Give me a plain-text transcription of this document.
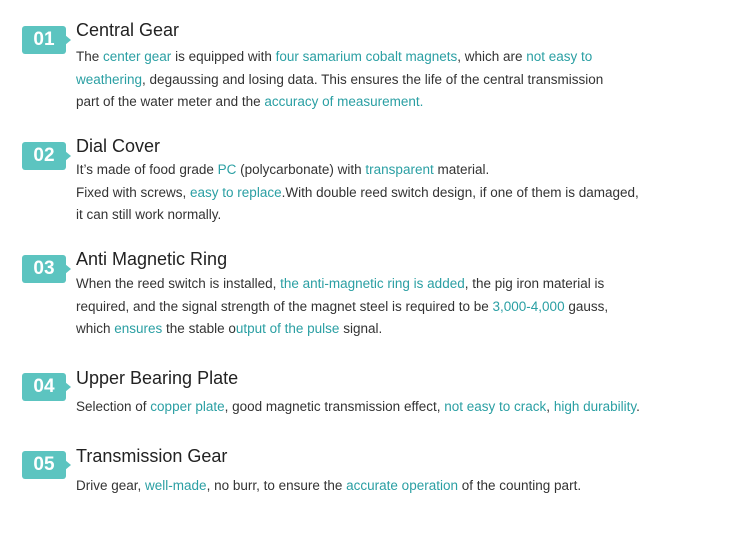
01	Central Gear
The center gear is equipped with four samarium cobalt magnets, which are not easy to
weathering, degaussing and losing data. This ensures the life of the central transmission
part of the water meter and the accuracy of measurement.
02	Dial Cover
It’s made of food grade PC (polycarbonate) with transparent material.
Fixed with screws, easy to replace.With double reed switch design, if one of them is damaged,
it can still work normally.
03	Anti Magnetic Ring
When the reed switch is installed, the anti-magnetic ring is added, the pig iron material is
required, and the signal strength of the magnet steel is required to be 3,000-4,000 gauss,
which ensures the stable output of the pulse signal.
04	Upper Bearing Plate
Selection of copper plate, good magnetic transmission effect, not easy to crack, high durability.
05	Transmission Gear
Drive gear, well-made, no burr, to ensure the accurate operation of the counting part.
